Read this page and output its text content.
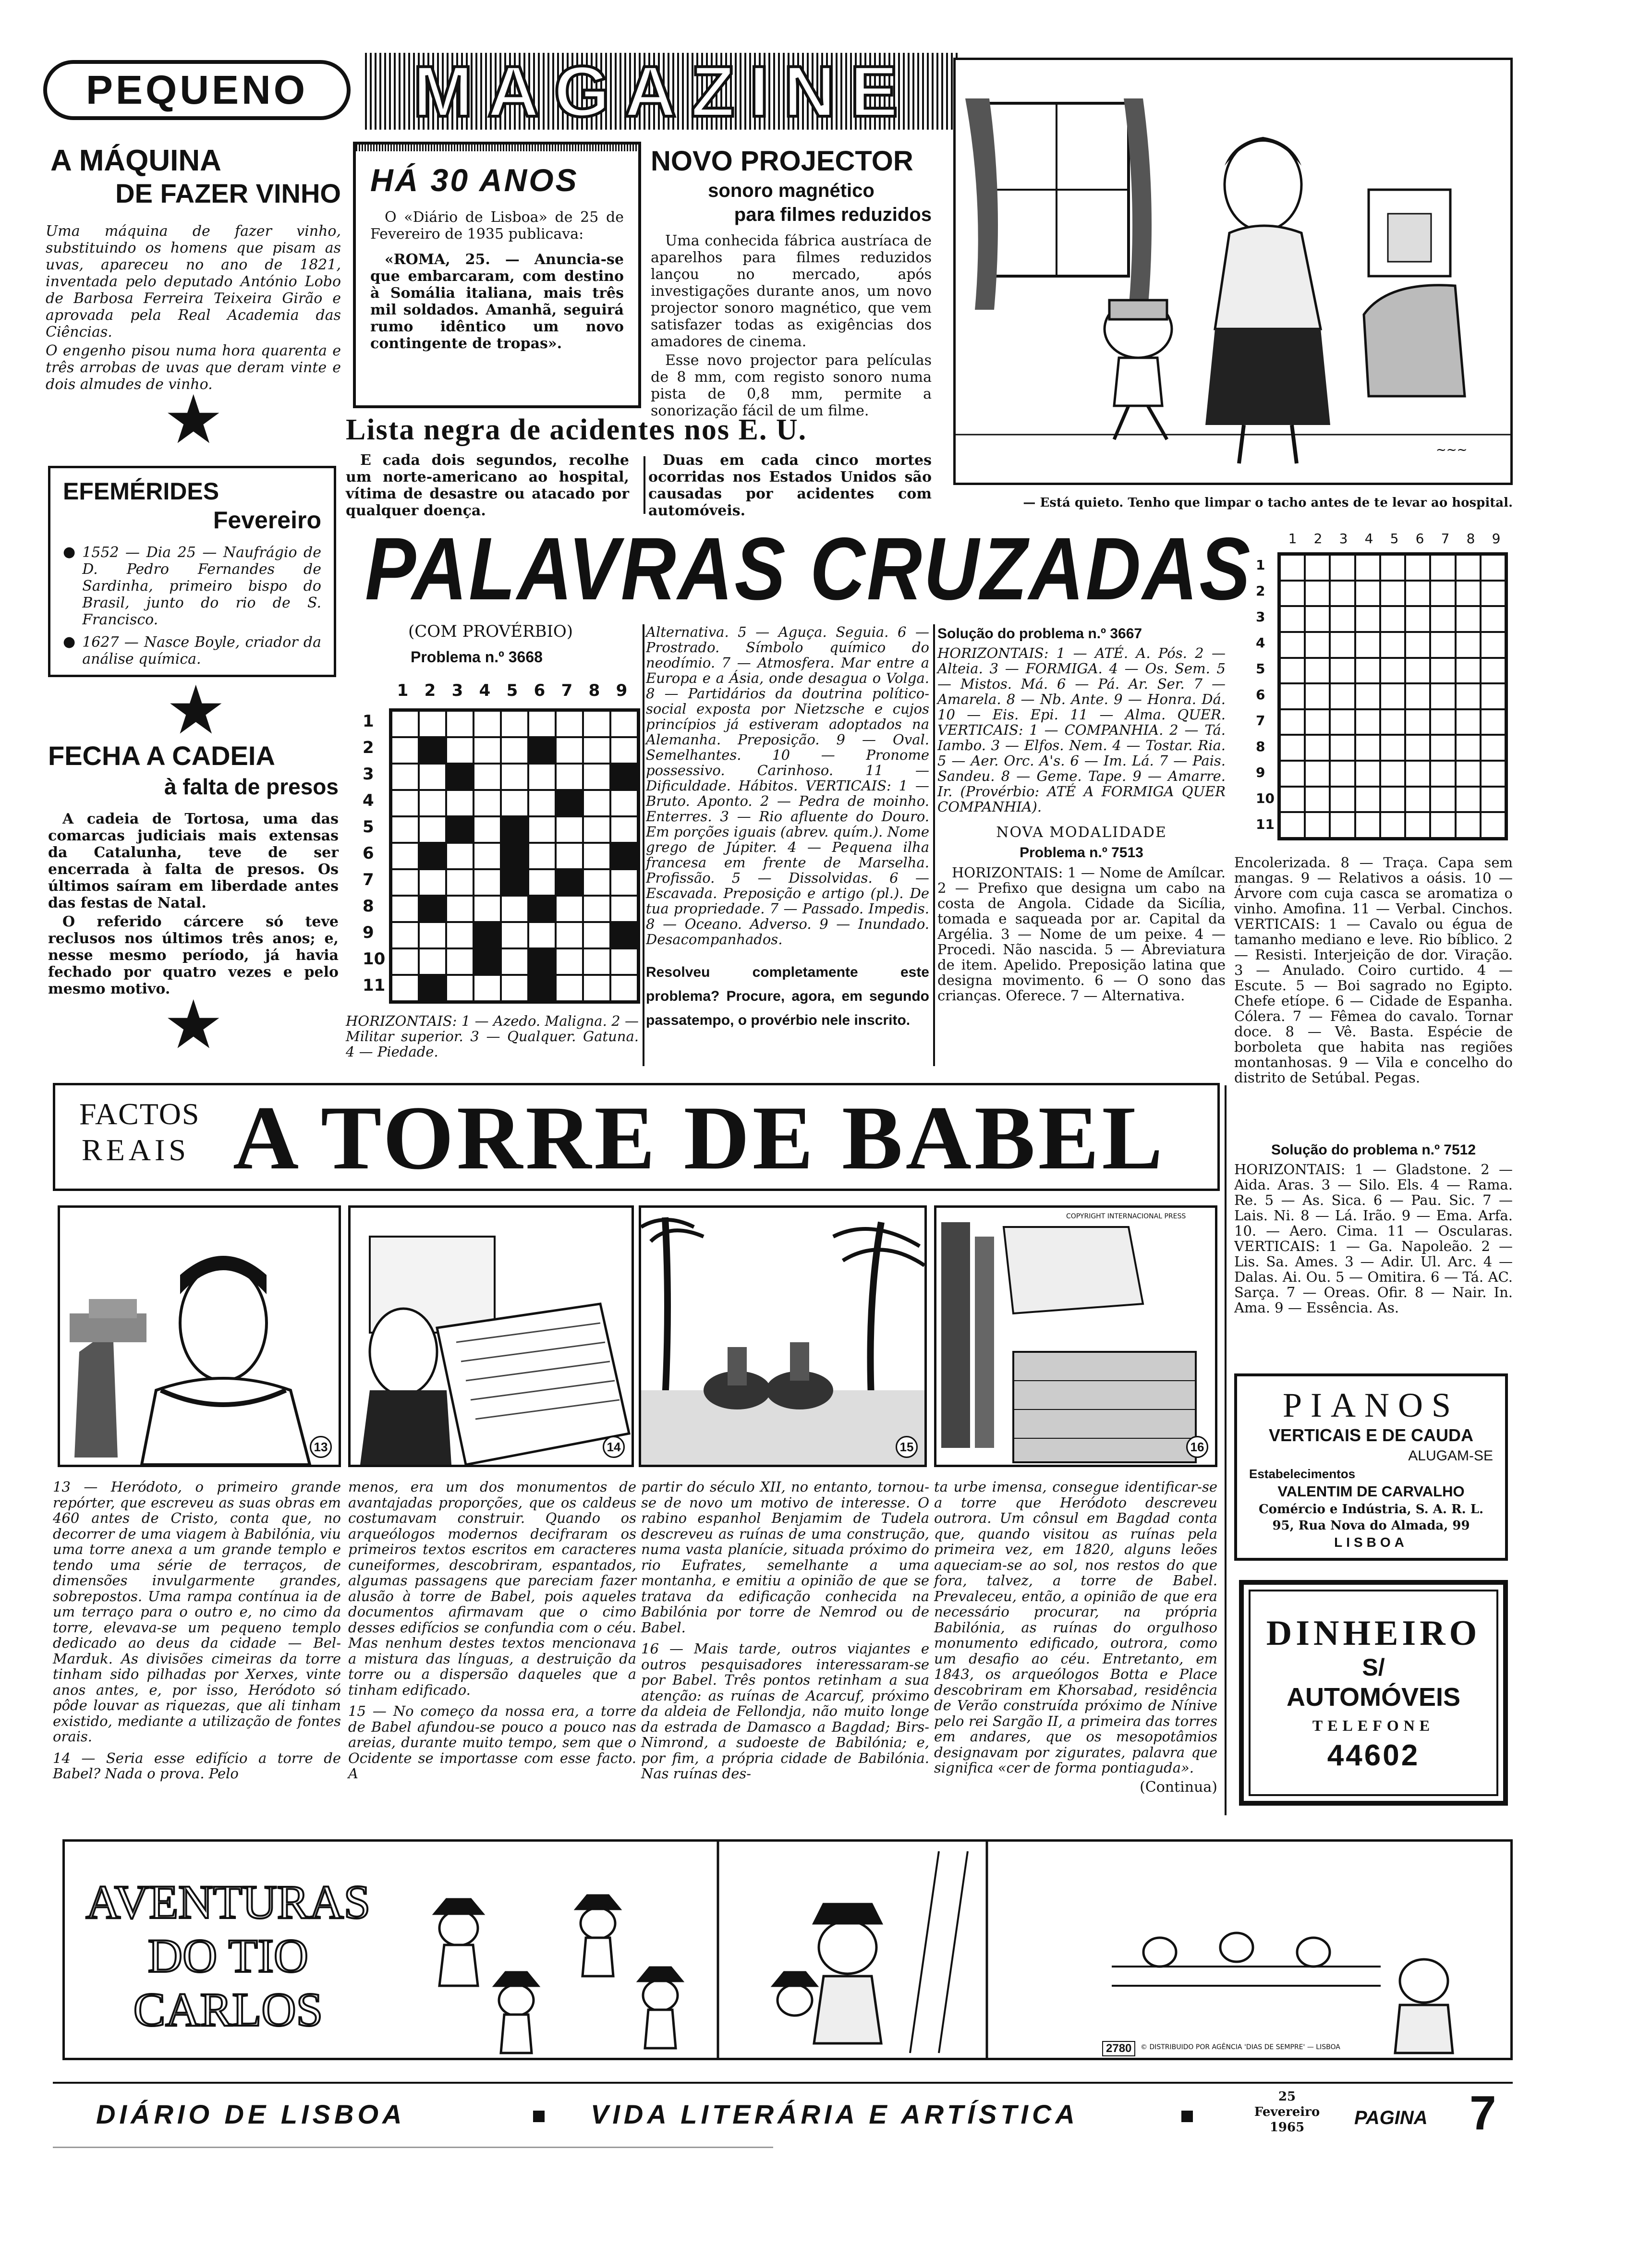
PEQUENO	MAGAZINE
A MÁQUINA
DE FAZER VINHO

Uma máquina de fazer vinho, substituindo os homens que pisam as uvas, apareceu no ano de 1821, inventada pelo deputado António Lobo de Barbosa Ferreira Teixeira Girão e aprovada pela Real Academia das Ciências.

O engenho pisou numa hora quarenta e três arrobas de uvas que deram vinte e dois almudes de vinho.

★
HÁ 30 ANOS

O «Diário de Lisboa» de 25 de Fevereiro de 1935 publicava:

«ROMA, 25. — Anuncia-se que embarcaram, com destino à Somália italiana, mais três mil soldados. Amanhã, seguirá rumo idêntico um novo contingente de tropas».

NOVO PROJECTOR
sonoro magnético
para filmes reduzidos

Uma conhecida fábrica austríaca de aparelhos para filmes reduzidos lançou no mercado, após investigações durante anos, um novo projector sonoro magnético, que vem satisfazer todas as exigências dos amadores de cinema.

Esse novo projector para películas de 8 mm, com registo sonoro numa pista de 0,8 mm, permite a sonorização fácil de um filme.

Lista negra de acidentes nos E. U.

E cada dois segundos, recolhe um norte-americano ao hospital, vítima de desastre ou atacado por qualquer doença.

Duas em cada cinco mortes ocorridas nos Estados Unidos são causadas por acidentes com automóveis.

~~~
— Está quieto. Tenho que limpar o tacho antes de te levar ao hospital.
EFEMÉRIDES
Fevereiro
● 1552 — Dia 25 — Naufrágio de D. Pedro Fernandes de Sardinha, primeiro bispo do Brasil, junto do rio de S. Francisco.

● 1627 — Nasce Boyle, criador da análise química.

★
FECHA A CADEIA
à falta de presos

A cadeia de Tortosa, uma das comarcas judiciais mais extensas da Catalunha, teve de ser encerrada à falta de presos. Os últimos saíram em liberdade antes das festas de Natal.

O referido cárcere só teve reclusos nos últimos três anos; e, nesse mesmo período, já havia fechado por quatro vezes e pelo mesmo motivo.

★
PALAVRAS CRUZADAS
(COM PROVÉRBIO)
Problema n.º 3668
1 2 3 4 5 6 7 8 9
1
2
3
4
5
6
7
8
9
10
11
HORIZONTAIS: 1 — Azedo. Maligna. 2 — Militar superior. 3 — Qualquer. Gatuna. 4 — Piedade.
Alternativa. 5 — Aguça. Seguia. 6 — Prostrado. Símbolo químico do neodímio. 7 — Atmosfera. Mar entre a Europa e a Ásia, onde desagua o Volga. 8 — Partidários da doutrina político-social exposta por Nietzsche e cujos princípios já estiveram adoptados na Alemanha. Preposição. 9 — Oval. Semelhantes. 10 — Pronome possessivo. Carinhoso. 11 — Dificuldade. Hábitos. VERTICAIS: 1 — Bruto. Aponto. 2 — Pedra de moinho. Enterres. 3 — Rio afluente do Douro. Em porções iguais (abrev. quím.). Nome grego de Júpiter. 4 — Pequena ilha francesa em frente de Marselha. Profissão. 5 — Dissolvidas. 6 — Escavada. Preposição e artigo (pl.). De tua propriedade. 7 — Passado. Impedis. 8 — Oceano. Adverso. 9 — Inundado. Desacompanhados.
Resolveu completamente este problema? Procure, agora, em segundo passatempo, o provérbio nele inscrito.
Solução do problema n.º 3667

HORIZONTAIS: 1 — ATÉ. A. Pós. 2 — Alteia. 3 — FORMIGA. 4 — Os. Sem. 5 — Mistos. Má. 6 — Pá. Ar. Ser. 7 — Amarela. 8 — Nb. Ante. 9 — Honra. Dá. 10 — Eis. Epi. 11 — Alma. QUER. VERTICAIS: 1 — COMPANHIA. 2 — Tá. Iambo. 3 — Elfos. Nem. 4 — Tostar. Ria. 5 — Aer. Orc. A's. 6 — Im. Lá. 7 — Pais. Sandeu. 8 — Geme. Tape. 9 — Amarre. Ir. (Provérbio: ATÉ A FORMIGA QUER COMPANHIA).

NOVA MODALIDADE
Problema n.º 7513

HORIZONTAIS: 1 — Nome de Amílcar. 2 — Prefixo que designa um cabo na costa de Angola. Cidade da Sicília, tomada e saqueada por ar. Capital da Argélia. 3 — Nome de um peixe. 4 — Procedi. Não nascida. 5 — Abreviatura de item. Apelido. Preposição latina que designa movimento. 6 — O sono das crianças. Oferece. 7 — Alternativa.

1	2	3	4	5	6	7	8	9
1
2
3
4
5
6
7
8
9
10
11
Encolerizada. 8 — Traça. Capa sem mangas. 9 — Relativos a oásis. 10 — Árvore com cuja casca se aromatiza o vinho. Amofina. 11 — Verbal. Cinchos. VERTICAIS: 1 — Cavalo ou égua de tamanho mediano e leve. Rio bíblico. 2 — Resisti. Interjeição de dor. Viração. 3 — Anulado. Coiro curtido. 4 — Escute. 5 — Boi sagrado no Egipto. Chefe etíope. 6 — Cidade de Espanha. Cólera. 7 — Fêmea do cavalo. Tornar doce. 8 — Vê. Basta. Espécie de borboleta que habita nas regiões montanhosas. 9 — Vila e concelho do distrito de Setúbal. Pegas.
Solução do problema n.º 7512

HORIZONTAIS: 1 — Gladstone. 2 — Aida. Aras. 3 — Silo. Els. 4 — Rama. Re. 5 — As. Sica. 6 — Pau. Sic. 7 — Lais. Ni. 8 — Lá. Irão. 9 — Ema. Arfa. 10. — Aero. Cima. 11 — Oscularas. VERTICAIS: 1 — Ga. Napoleão. 2 — Lis. Sa. Ames. 3 — Adir. Ul. Arc. 4 — Dalas. Ai. Ou. 5 — Omitira. 6 — Tá. AC. Sarça. 7 — Oreas. Ofir. 8 — Nair. In. Ama. 9 — Essência. As.

FACTOS
REAIS A TORRE DE BABEL
13	14	15
COPYRIGHT INTERNACIONAL PRESS
16

13 — Heródoto, o primeiro grande repórter, que escreveu as suas obras em 460 antes de Cristo, conta que, no decorrer de uma viagem à Babilónia, viu uma torre anexa a um grande templo e tendo uma série de terraços, de dimensões invulgarmente grandes, sobrepostos. Uma rampa contínua ia de um terraço para o outro e, no cimo da torre, elevava-se um pequeno templo dedicado ao deus da cidade — Bel-Marduk. As divisões cimeiras da torre tinham sido pilhadas por Xerxes, vinte anos antes, e, por isso, Heródoto só pôde louvar as riquezas, que ali tinham existido, mediante a utilização de fontes orais.

14 — Seria esse edifício a torre de Babel? Nada o prova. Pelo

menos, era um dos monumentos de avantajadas proporções, que os caldeus costumavam construir. Quando os arqueólogos modernos decifraram os primeiros textos escritos em caracteres cuneiformes, descobriram, espantados, algumas passagens que pareciam fazer alusão à torre de Babel, pois aqueles documentos afirmavam que o cimo desses edifícios se confundia com o céu. Mas nenhum destes textos mencionava a mistura das línguas, a destruição da torre ou a dispersão daqueles que a tinham edificado.

15 — No começo da nossa era, a torre de Babel afundou-se pouco a pouco nas areias, durante muito tempo, sem que o Ocidente se importasse com esse facto. A

partir do século XII, no entanto, tornou-se de novo um motivo de interesse. O rabino espanhol Benjamim de Tudela descreveu as ruínas de uma construção, numa vasta planície, situada próximo do rio Eufrates, semelhante a uma montanha, e emitiu a opinião de que se tratava da edificação conhecida na Babilónia por torre de Nemrod ou de Babel.

16 — Mais tarde, outros viajantes e outros pesquisadores interessaram-se por Babel. Três pontos retinham a sua atenção: as ruínas de Acarcuf, próximo da aldeia de Fellondja, não muito longe da estrada de Damasco a Bagdad; Birs-Nimrond, a sudoeste de Babilónia; e, por fim, a própria cidade de Babilónia. Nas ruínas des-

ta urbe imensa, consegue identificar-se a torre que Heródoto descreveu outrora. Um cônsul em Bagdad conta que, quando visitou as ruínas pela primeira vez, em 1820, alguns leões aqueciam-se ao sol, nos restos do que fora, talvez, a torre de Babel. Prevaleceu, então, a opinião de que era necessário procurar, na própria Babilónia, as ruínas do orgulhoso monumento edificado, outrora, como um desafio ao céu. Entretanto, em 1843, os arqueólogos Botta e Place descobriram em Khorsabad, residência de Verão construída próximo de Nínive pelo rei Sargão II, a primeira das torres em andares, que os mesopotâmios designavam por zigurates, palavra que significa «cer de forma pontiaguda».

(Continua)
PIANOS
VERTICAIS E DE CAUDA
ALUGAM-SE
Estabelecimentos
VALENTIM DE CARVALHO
Comércio e Indústria, S. A. R. L.
95, Rua Nova do Almada, 99
LISBOA
DINHEIRO
S/
AUTOMÓVEIS
TELEFONE
44602
AVENTURAS
DO TIO
CARLOS
2780	© DISTRIBUIDO POR AGÊNCIA 'DIAS DE SEMPRE' — LISBOA
DIÁRIO DE LISBOA	VIDA LITERÁRIA E ARTÍSTICA
25
Fevereiro
1965	PAGINA 7
